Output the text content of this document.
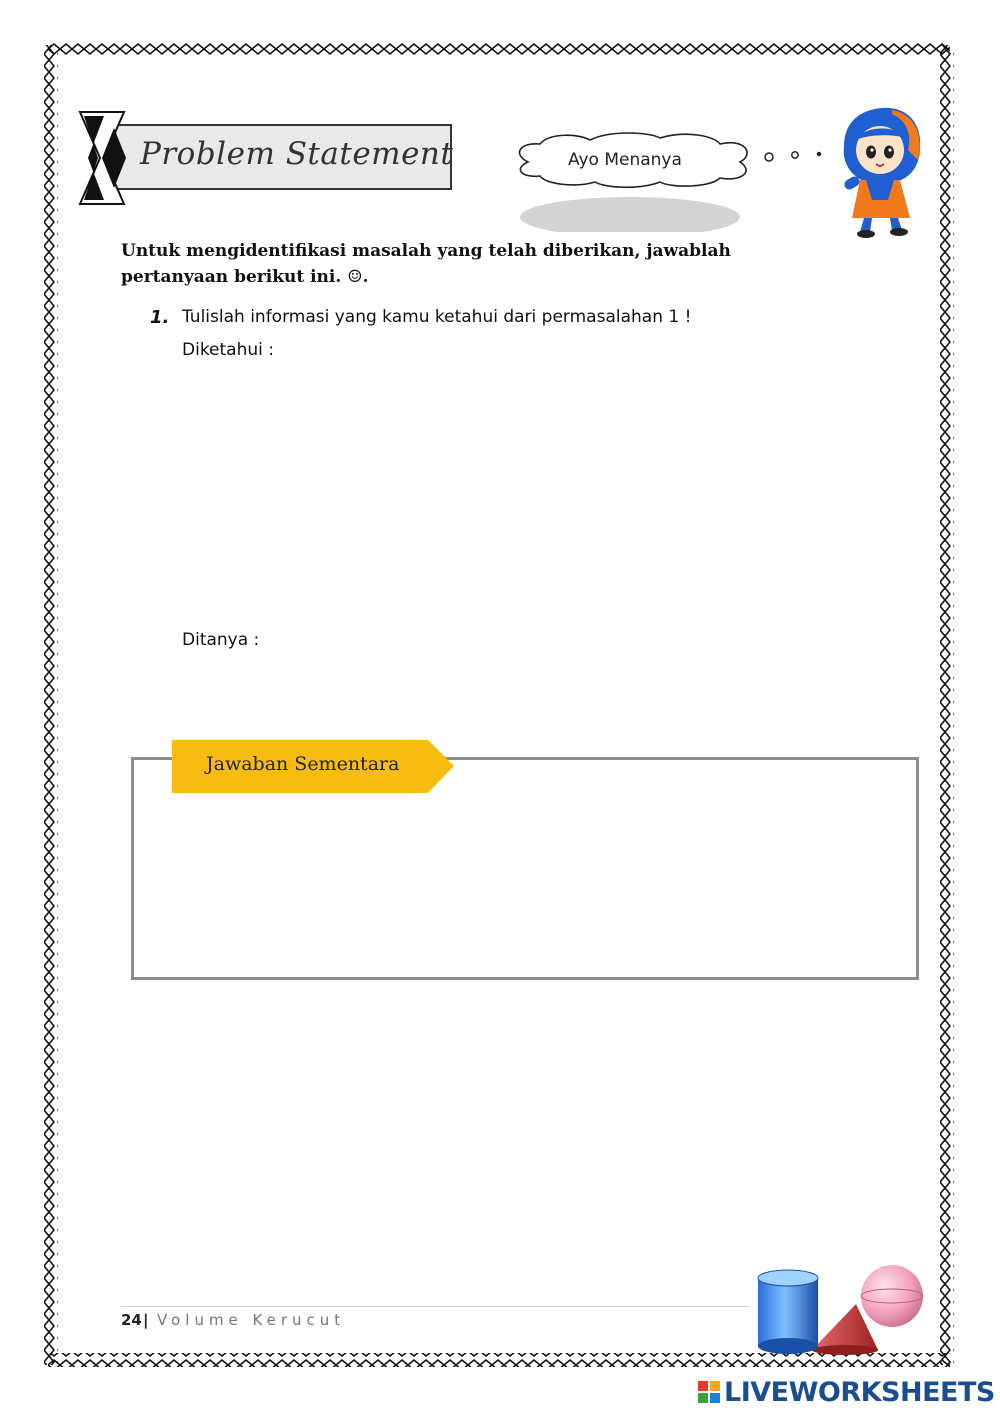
Problem Statement	Ayo Menanya
Untuk mengidentifikasi masalah yang telah diberikan, jawablah pertanyaan berikut ini. ☺.
1. Tulislah informasi yang kamu ketahui dari permasalahan 1 !
Diketahui :
Ditanya :
Jawaban Sementara
24 | Volume Kerucut
LIVEWORKSHEETS
